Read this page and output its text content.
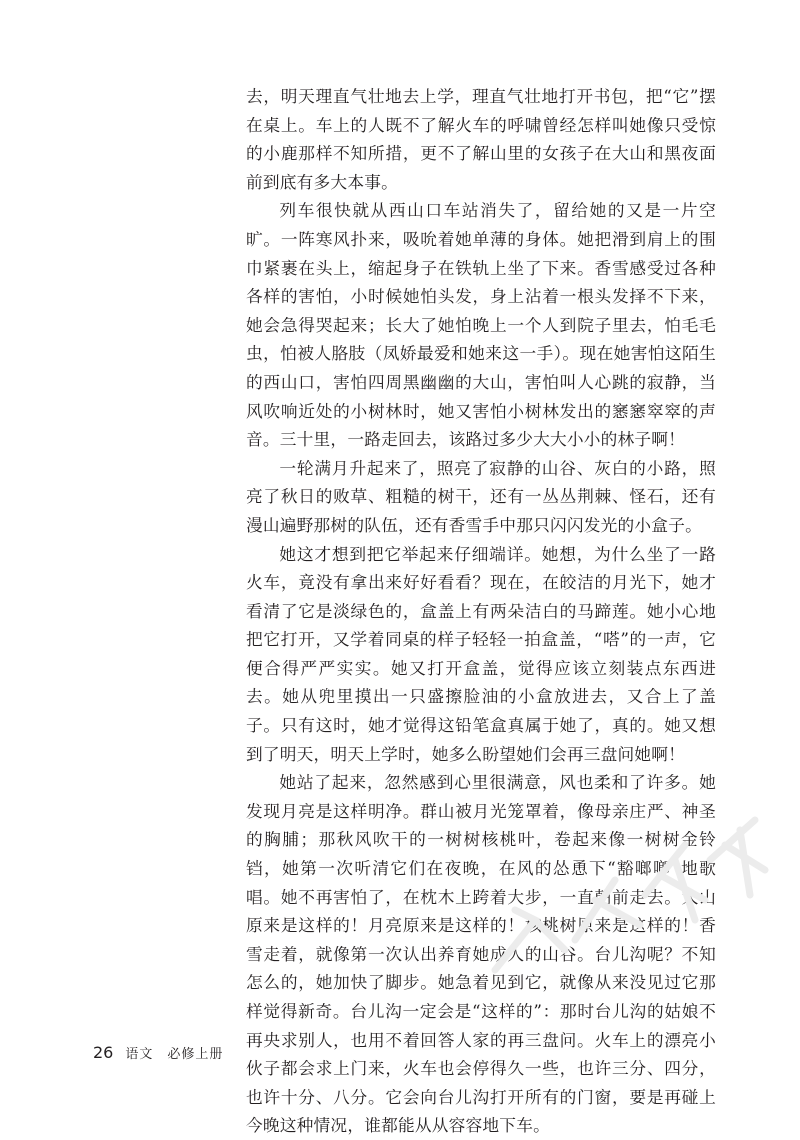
去，明天理直气壮地去上学，理直气壮地打开书包，把“它”摆在桌上。车上的人既不了解火车的呼啸曾经怎样叫她像只受惊的小鹿那样不知所措，更不了解山里的女孩子在大山和黑夜面前到底有多大本事。

列车很快就从西山口车站消失了，留给她的又是一片空旷。一阵寒风扑来，吸吮着她单薄的身体。她把滑到肩上的围巾紧裹在头上，缩起身子在铁轨上坐了下来。香雪感受过各种各样的害怕，小时候她怕头发，身上沾着一根头发择不下来，她会急得哭起来；长大了她怕晚上一个人到院子里去，怕毛毛虫，怕被人胳肢（凤娇最爱和她来这一手）。现在她害怕这陌生的西山口，害怕四周黑幽幽的大山，害怕叫人心跳的寂静，当风吹响近处的小树林时，她又害怕小树林发出的窸窸窣窣的声音。三十里，一路走回去，该路过多少大大小小的林子啊！

一轮满月升起来了，照亮了寂静的山谷、灰白的小路，照亮了秋日的败草、粗糙的树干，还有一丛丛荆棘、怪石，还有漫山遍野那树的队伍，还有香雪手中那只闪闪发光的小盒子。

她这才想到把它举起来仔细端详。她想，为什么坐了一路火车，竟没有拿出来好好看看？现在，在皎洁的月光下，她才看清了它是淡绿色的，盒盖上有两朵洁白的马蹄莲。她小心地把它打开，又学着同桌的样子轻轻一拍盒盖，“嗒”的一声，它便合得严严实实。她又打开盒盖，觉得应该立刻装点东西进去。她从兜里摸出一只盛擦脸油的小盒放进去，又合上了盖子。只有这时，她才觉得这铅笔盒真属于她了，真的。她又想到了明天，明天上学时，她多么盼望她们会再三盘问她啊！

她站了起来，忽然感到心里很满意，风也柔和了许多。她发现月亮是这样明净。群山被月光笼罩着，像母亲庄严、神圣的胸脯；那秋风吹干的一树树核桃叶，卷起来像一树树金铃铛，她第一次听清它们在夜晚，在风的怂恿下“豁啷啷”地歌唱。她不再害怕了，在枕木上跨着大步，一直朝前走去。大山原来是这样的！月亮原来是这样的！核桃树原来是这样的！香雪走着，就像第一次认出养育她成人的山谷。台儿沟呢？不知怎么的，她加快了脚步。她急着见到它，就像从来没见过它那样觉得新奇。台儿沟一定会是“这样的”：那时台儿沟的姑娘不再央求别人，也用不着回答人家的再三盘问。火车上的漂亮小伙子都会求上门来，火车也会停得久一些，也许三分、四分，也许十分、八分。它会向台儿沟打开所有的门窗，要是再碰上今晚这种情况，谁都能从从容容地下车。

26 语文　必修上册
